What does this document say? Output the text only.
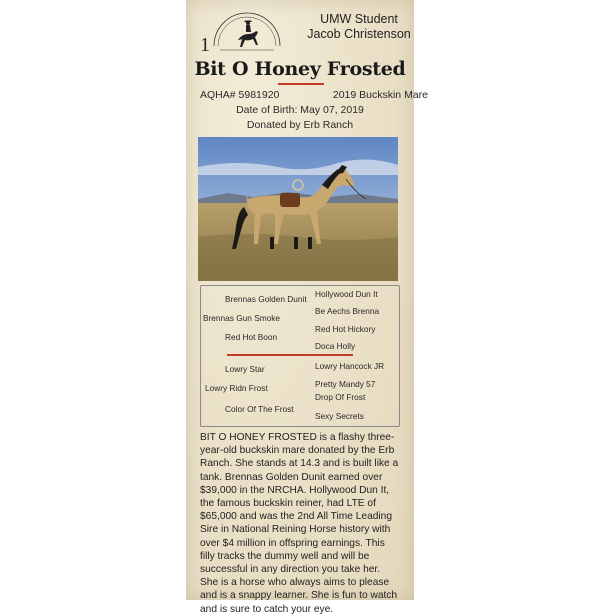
1
UMW Student
Jacob Christenson
Bit O Honey Frosted
AQHA# 5981920	2019 Buckskin Mare
Date of Birth: May 07, 2019
Donated by Erb Ranch
Brennas Golden Dunit
Brennas Gun Smoke
Red Hot Boon
Hollywood Dun It
Be Aechs Brenna
Red Hot Hickory
Doca Holly
Lowry Star
Lowry Ridn Frost
Color Of The Frost
Lowry Hancock JR
Pretty Mandy 57
Drop Of Frost
Sexy Secrets
BIT O HONEY FROSTED is a flashy three-year-old buckskin mare donated by the Erb Ranch. She stands at 14.3 and is built like a tank. Brennas Golden Dunit earned over $39,000 in the NRCHA. Hollywood Dun It, the famous buckskin reiner, had LTE of $65,000 and was the 2nd All Time Leading Sire in National Reining Horse history with over $4 million in offspring earnings. This filly tracks the dummy well and will be successful in any direction you take her. She is a horse who always aims to please and is a snappy learner. She is fun to watch and is sure to catch your eye.
